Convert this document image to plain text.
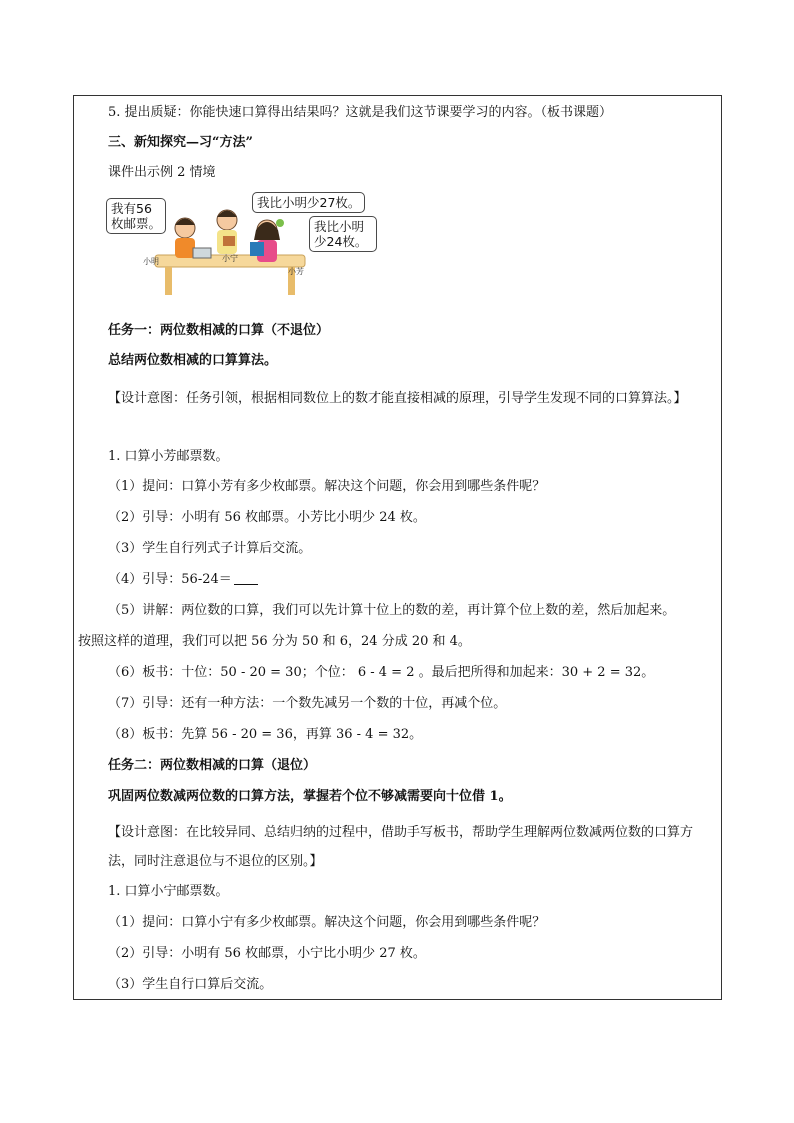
5. 提出质疑：你能快速口算得出结果吗？这就是我们这节课要学习的内容。（板书课题）
三、新知探究—习“方法”
课件出示例 2 情境
我有56枚邮票。
我比小明少27枚。
我比小明少24枚。
小明	小宁
小芳
任务一：两位数相减的口算（不退位）
总结两位数相减的口算算法。
【设计意图：任务引领，根据相同数位上的数才能直接相减的原理，引导学生发现不同的口算算法。】
1. 口算小芳邮票数。
（1）提问：口算小芳有多少枚邮票。解决这个问题，你会用到哪些条件呢？
（2）引导：小明有 56 枚邮票。小芳比小明少 24 枚。
（3）学生自行列式子计算后交流。
（4）引导：56-24＝
（5）讲解：两位数的口算，我们可以先计算十位上的数的差，再计算个位上数的差，然后加起来。
按照这样的道理，我们可以把 56 分为 50 和 6，24 分成 20 和 4。
（6）板书：十位：50 - 20 = 30；个位： 6 - 4 = 2 。最后把所得和加起来：30 + 2 = 32。
（7）引导：还有一种方法：一个数先减另一个数的十位，再减个位。
（8）板书：先算 56 - 20 = 36，再算 36 - 4 = 32。
任务二：两位数相减的口算（退位）
巩固两位数减两位数的口算方法，掌握若个位不够减需要向十位借 1。
【设计意图：在比较异同、总结归纳的过程中，借助手写板书，帮助学生理解两位数减两位数的口算方法，同时注意退位与不退位的区别。】
1. 口算小宁邮票数。
（1）提问：口算小宁有多少枚邮票。解决这个问题，你会用到哪些条件呢？
（2）引导：小明有 56 枚邮票，小宁比小明少 27 枚。
（3）学生自行口算后交流。
